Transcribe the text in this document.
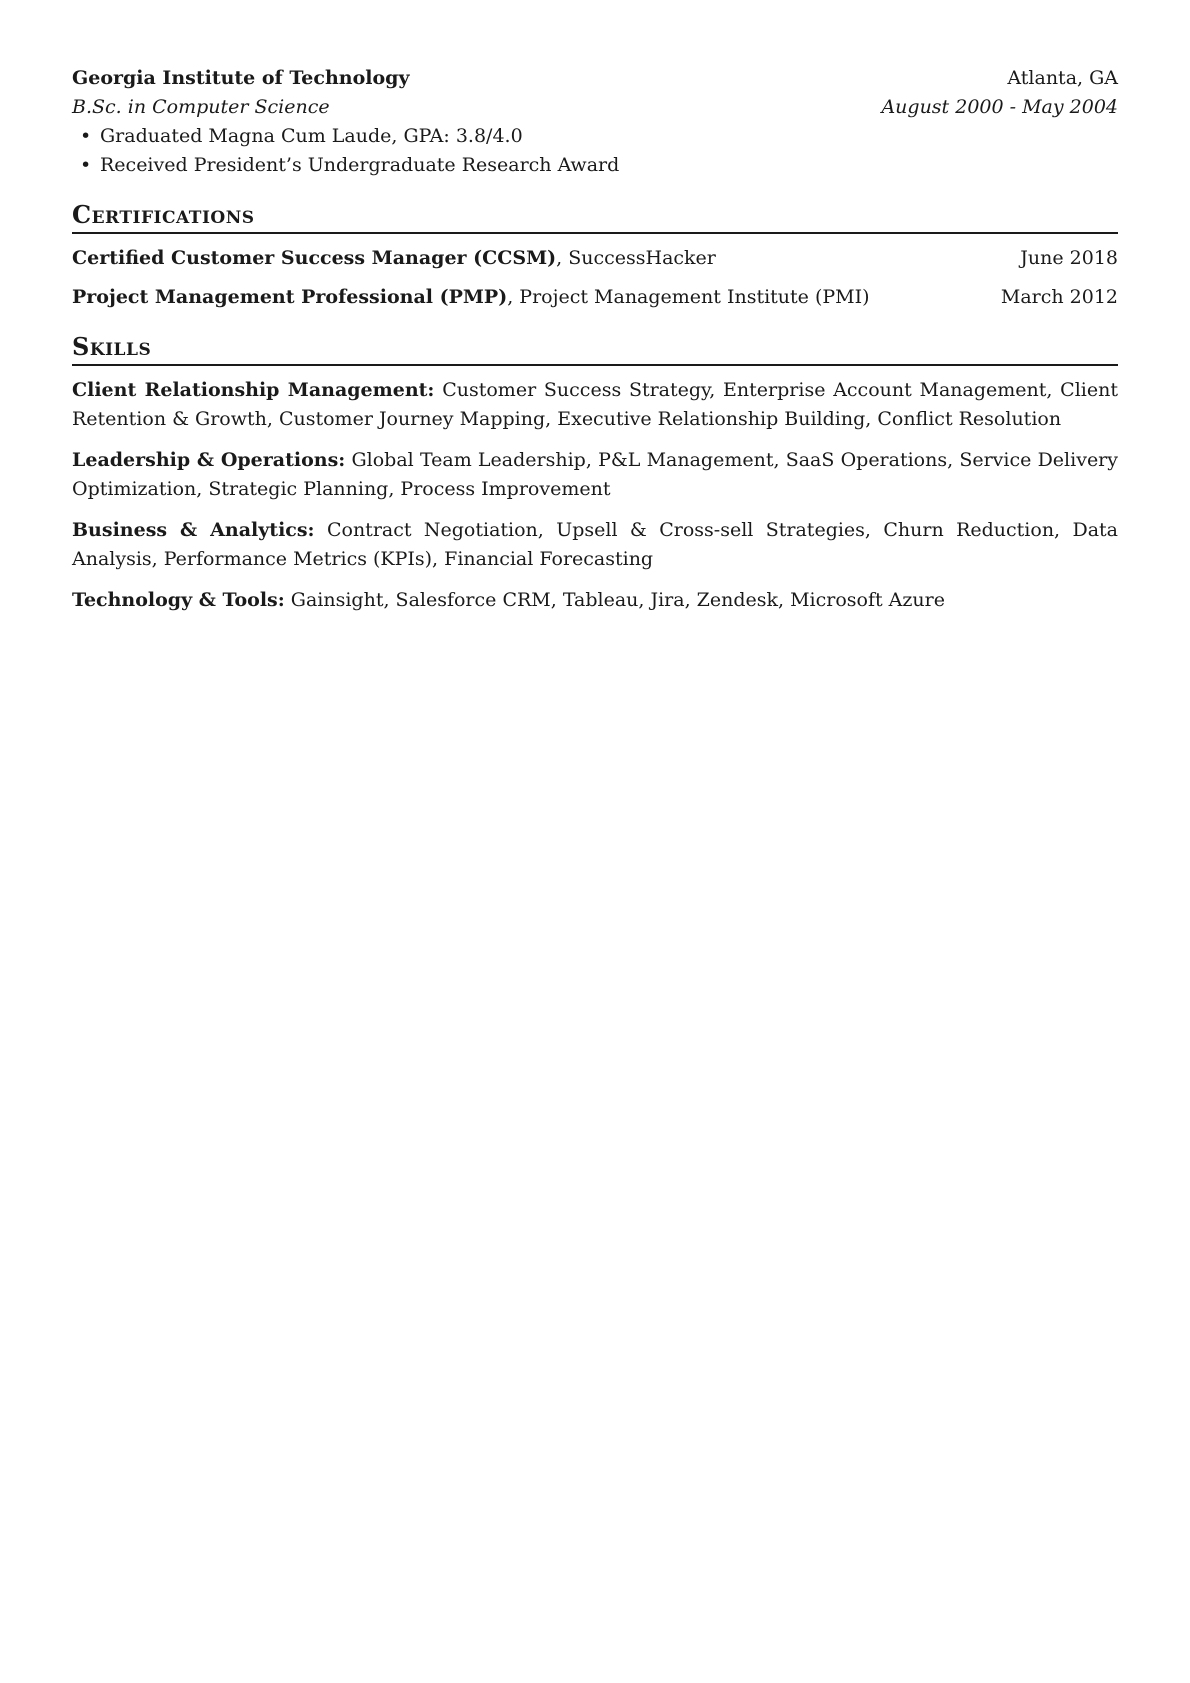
Georgia Institute of Technology	Atlanta, GA
B.Sc. in Computer Science	August 2000 - May 2004
• Graduated Magna Cum Laude, GPA: 3.8/4.0
• Received President’s Undergraduate Research Award
Certifications
Certified Customer Success Manager (CCSM), SuccessHacker	June 2018
Project Management Professional (PMP), Project Management Institute (PMI)	March 2012
Skills
Client Relationship Management: Customer Success Strategy, Enterprise Account Management, Client Retention & Growth, Customer Journey Mapping, Executive Relationship Building, Conflict Resolution
Leadership & Operations: Global Team Leadership, P&L Management, SaaS Operations, Service Delivery Optimization, Strategic Planning, Process Improvement
Business & Analytics: Contract Negotiation, Upsell & Cross-sell Strategies, Churn Reduction, Data Analysis, Performance Metrics (KPIs), Financial Forecasting
Technology & Tools: Gainsight, Salesforce CRM, Tableau, Jira, Zendesk, Microsoft Azure
